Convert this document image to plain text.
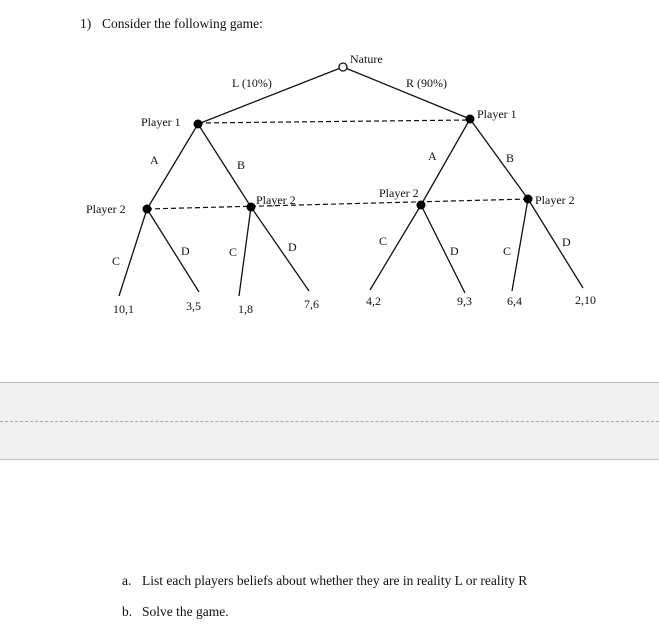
1) Consider the following game:
Nature
L (10%)	R (90%)
Player 1
Player 1
A	B
A	B
Player 2
Player 2	Player 2	Player 2
C
D	C	D	C
D	C
D
10,1	3,5	1,8	7,6	4,2	9,3	6,4	2,10
a. List each players beliefs about whether they are in reality L or reality R
b. Solve the game.
